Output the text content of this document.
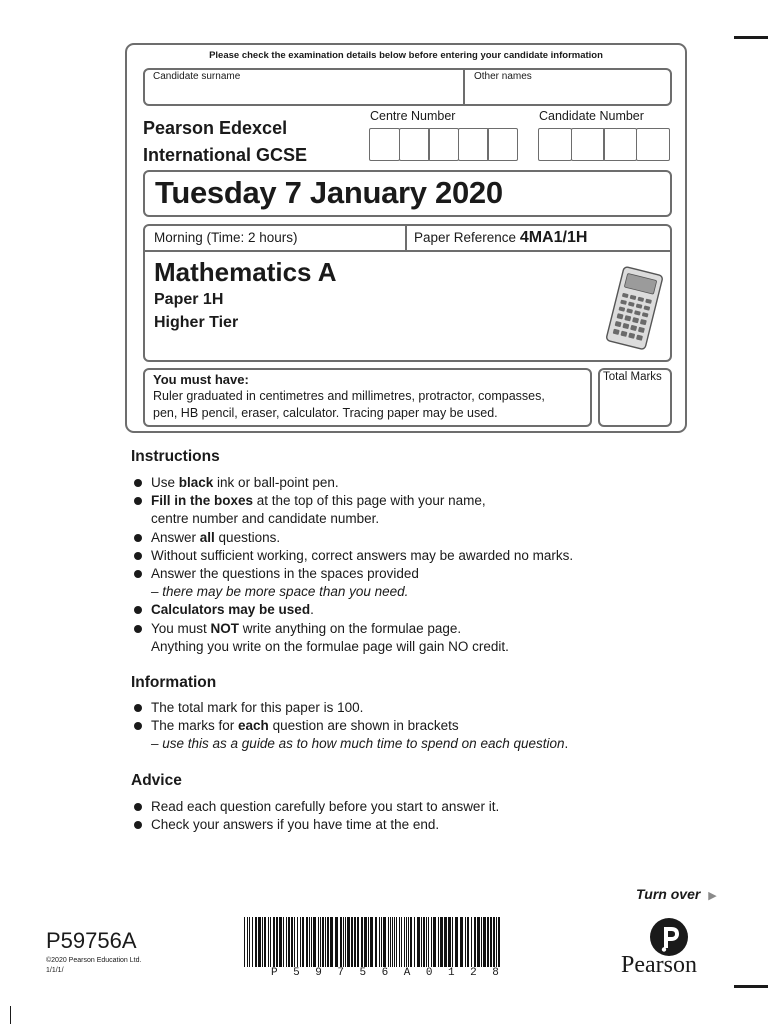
Please check the examination details below before entering your candidate information
Candidate surname	Other names
Pearson Edexcel
International GCSE
Centre Number	Candidate Number
Tuesday 7 January 2020
Morning (Time: 2 hours)	Paper Reference 4MA1/1H
Mathematics A
Paper 1H
Higher Tier
You must have:
Ruler graduated in centimetres and millimetres, protractor, compasses,
pen, HB pencil, eraser, calculator. Tracing paper may be used.
Total Marks
Instructions
Use black ink or ball-point pen.
Fill in the boxes at the top of this page with your name,
centre number and candidate number.
Answer all questions.
Without sufficient working, correct answers may be awarded no marks.
Answer the questions in the spaces provided
– there may be more space than you need.
Calculators may be used.
You must NOT write anything on the formulae page.
Anything you write on the formulae page will gain NO credit.
Information
The total mark for this paper is 100.
The marks for each question are shown in brackets
– use this as a guide as to how much time to spend on each question.
Advice
Read each question carefully before you start to answer it.
Check your answers if you have time at the end.
Turn over ▶
P59756A
©2020 Pearson Education Ltd.
1/1/1/	P 5 9 7 5 6 A 0 1 2 8	Pearson
